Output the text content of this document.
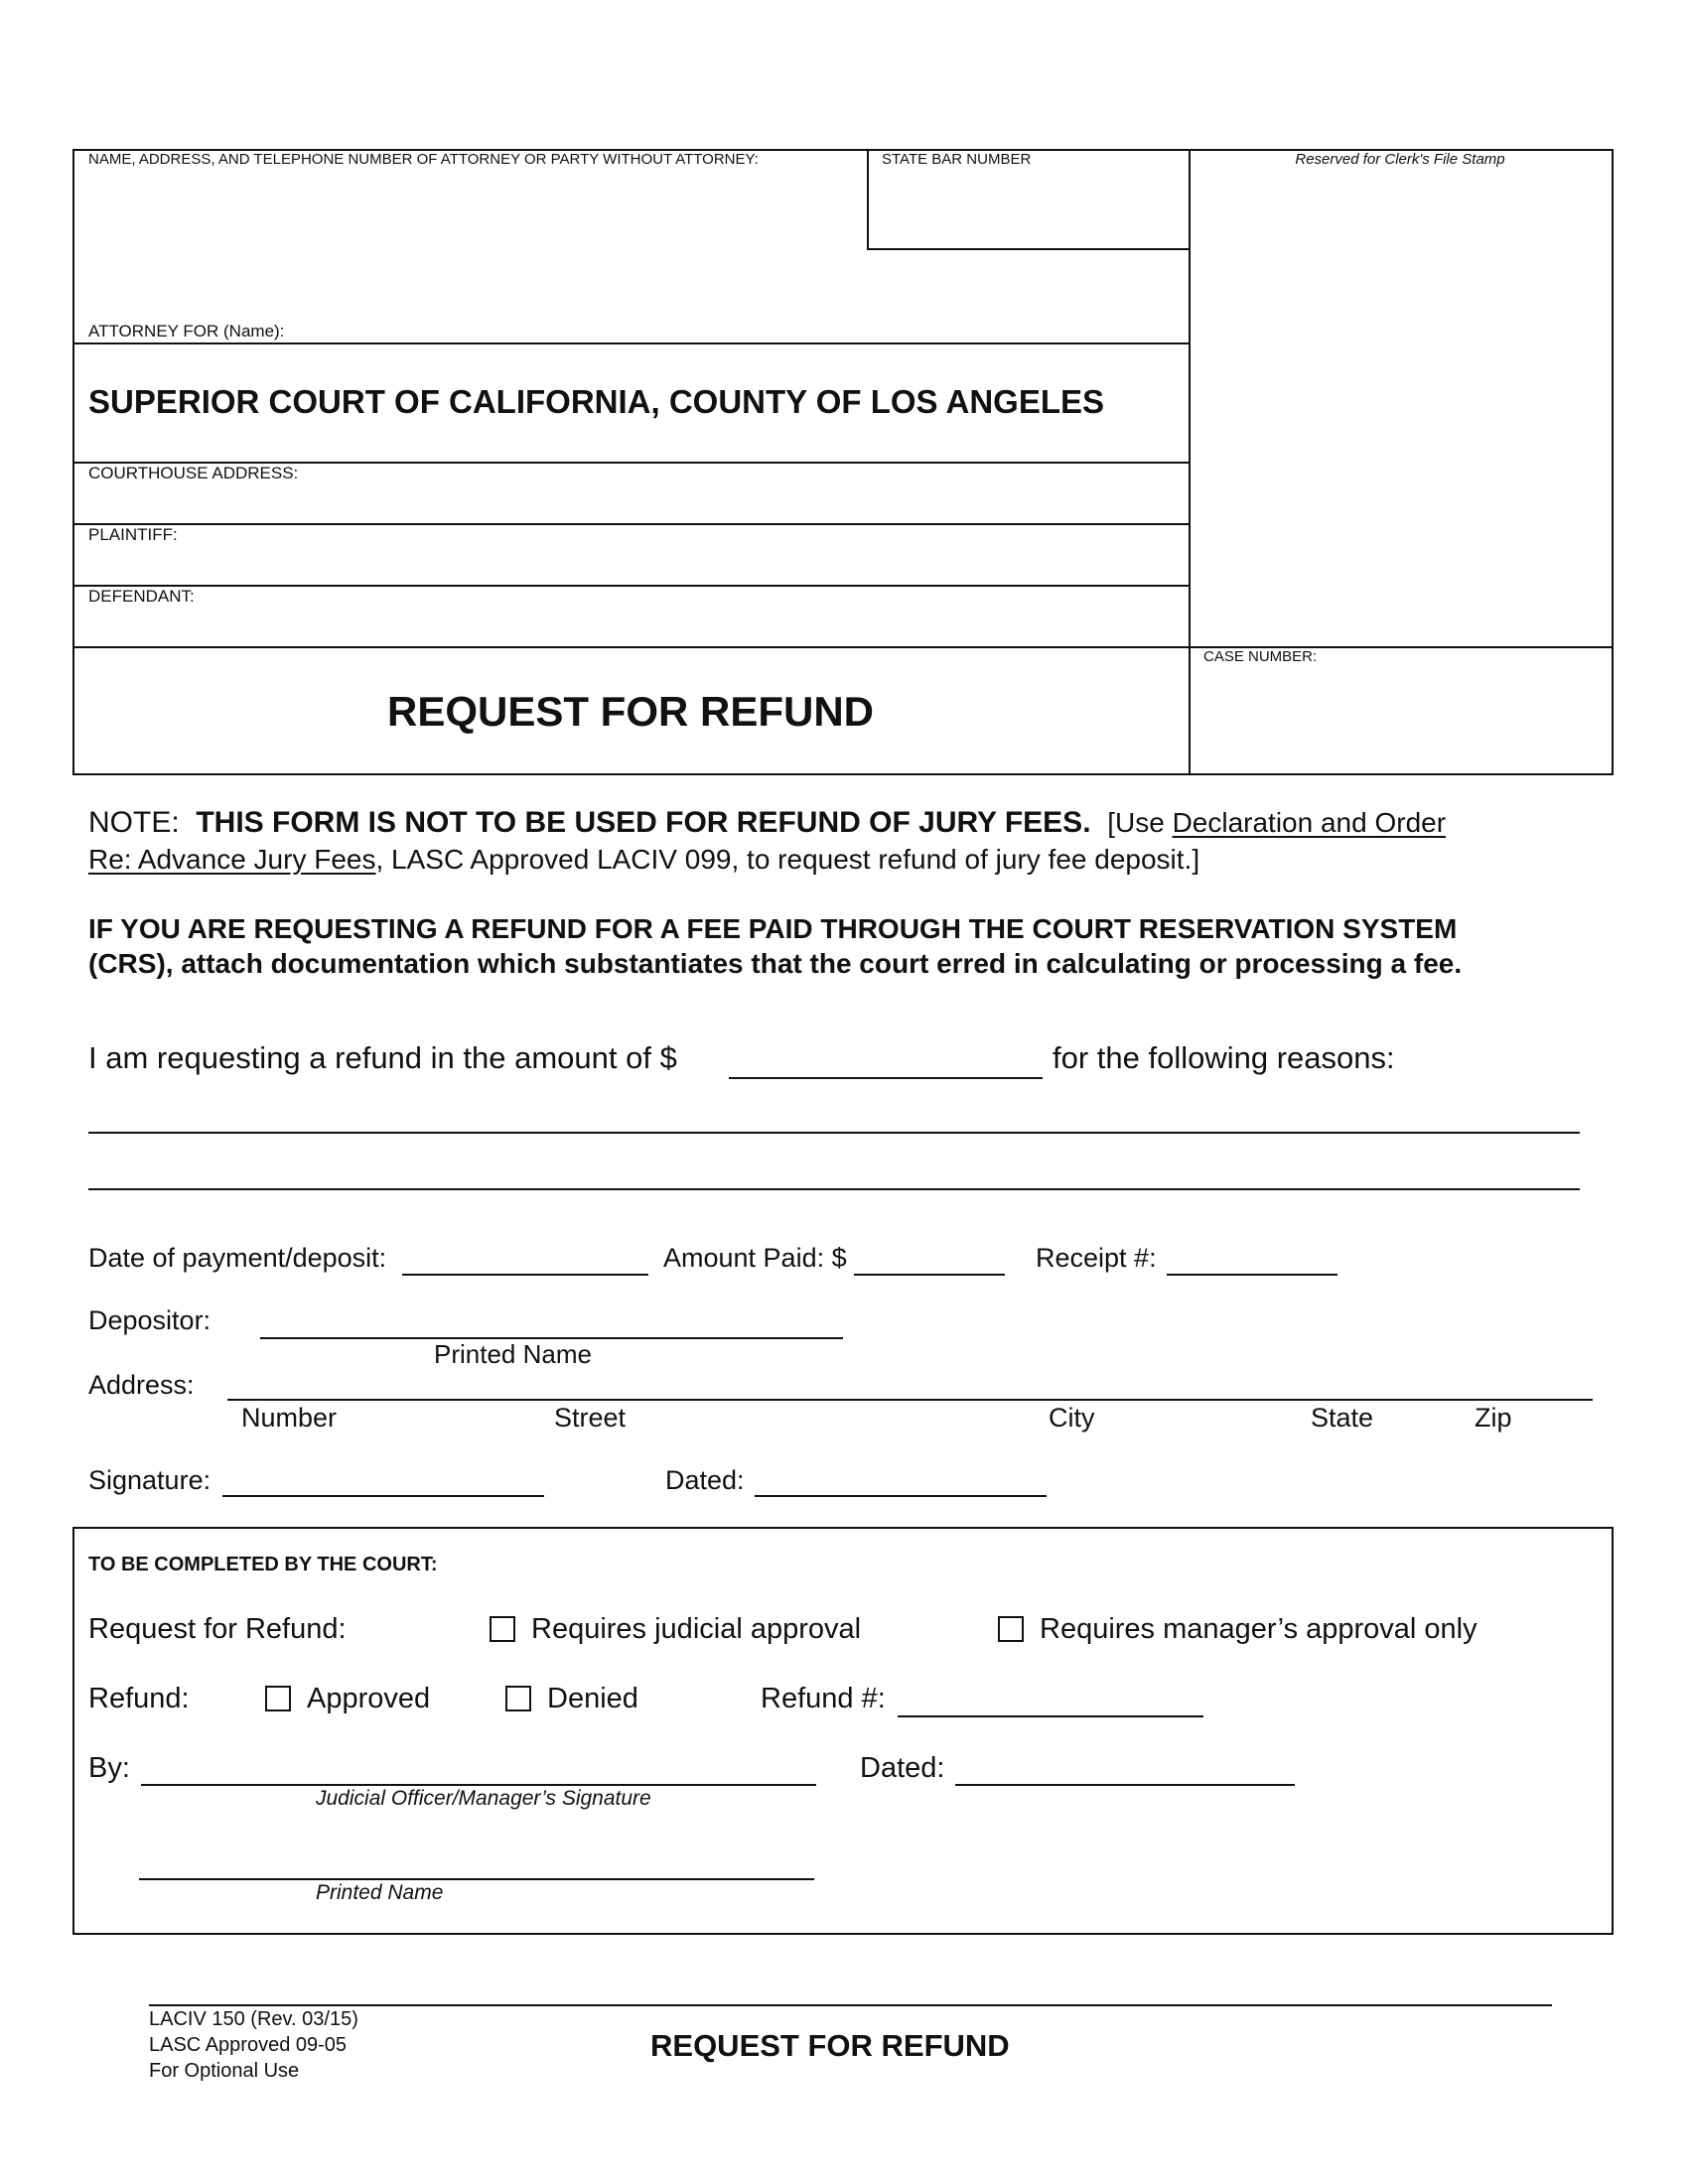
NAME, ADDRESS, AND TELEPHONE NUMBER OF ATTORNEY OR PARTY WITHOUT ATTORNEY:	STATE BAR NUMBER	Reserved for Clerk's File Stamp
ATTORNEY FOR (Name):
SUPERIOR COURT OF CALIFORNIA, COUNTY OF LOS ANGELES
COURTHOUSE ADDRESS:
PLAINTIFF:
DEFENDANT:
CASE NUMBER:
REQUEST FOR REFUND
NOTE: THIS FORM IS NOT TO BE USED FOR REFUND OF JURY FEES. [Use Declaration and Order
Re: Advance Jury Fees, LASC Approved LACIV 099, to request refund of jury fee deposit.]
IF YOU ARE REQUESTING A REFUND FOR A FEE PAID THROUGH THE COURT RESERVATION SYSTEM
(CRS), attach documentation which substantiates that the court erred in calculating or processing a fee.
I am requesting a refund in the amount of $	for the following reasons:
Date of payment/deposit:	Amount Paid: $	Receipt #:
Depositor:
Printed Name
Address:
Number	Street	City	State	Zip
Signature:	Dated:
TO BE COMPLETED BY THE COURT:
Request for Refund:	Requires judicial approval	Requires manager’s approval only
Refund:	Approved	Denied	Refund #:
By:
Judicial Officer/Manager’s Signature
Dated:
Printed Name
LACIV 150 (Rev. 03/15)
LASC Approved 09-05
For Optional Use
REQUEST FOR REFUND
